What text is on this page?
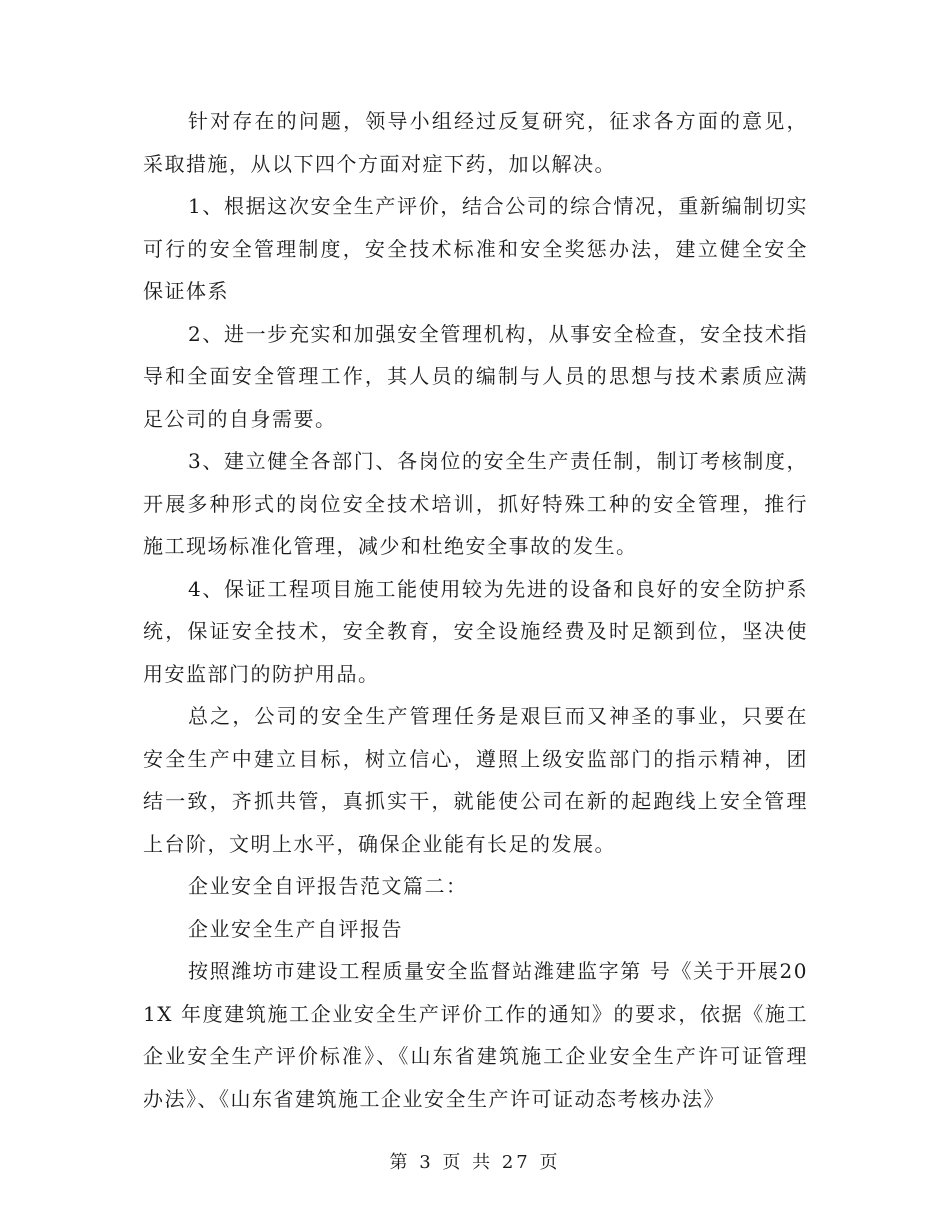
针对存在的问题，领导小组经过反复研究，征求各方面的意见，采取措施，从以下四个方面对症下药，加以解决。

1、根据这次安全生产评价，结合公司的综合情况，重新编制切实可行的安全管理制度，安全技术标准和安全奖惩办法，建立健全安全保证体系

2、进一步充实和加强安全管理机构，从事安全检查，安全技术指导和全面安全管理工作，其人员的编制与人员的思想与技术素质应满足公司的自身需要。

3、建立健全各部门、各岗位的安全生产责任制，制订考核制度，开展多种形式的岗位安全技术培训，抓好特殊工种的安全管理，推行施工现场标准化管理，减少和杜绝安全事故的发生。

4、保证工程项目施工能使用较为先进的设备和良好的安全防护系统，保证安全技术，安全教育，安全设施经费及时足额到位，坚决使用安监部门的防护用品。

总之，公司的安全生产管理任务是艰巨而又神圣的事业，只要在安全生产中建立目标，树立信心，遵照上级安监部门的指示精神，团结一致，齐抓共管，真抓实干，就能使公司在新的起跑线上安全管理上台阶，文明上水平，确保企业能有长足的发展。

企业安全自评报告范文篇二：

企业安全生产自评报告

按照潍坊市建设工程质量安全监督站潍建监字第 号《关于开展201X 年度建筑施工企业安全生产评价工作的通知》的要求，依据《施工企业安全生产评价标准》、《山东省建筑施工企业安全生产许可证管理办法》、《山东省建筑施工企业安全生产许可证动态考核办法》

第 3 页 共 27 页
